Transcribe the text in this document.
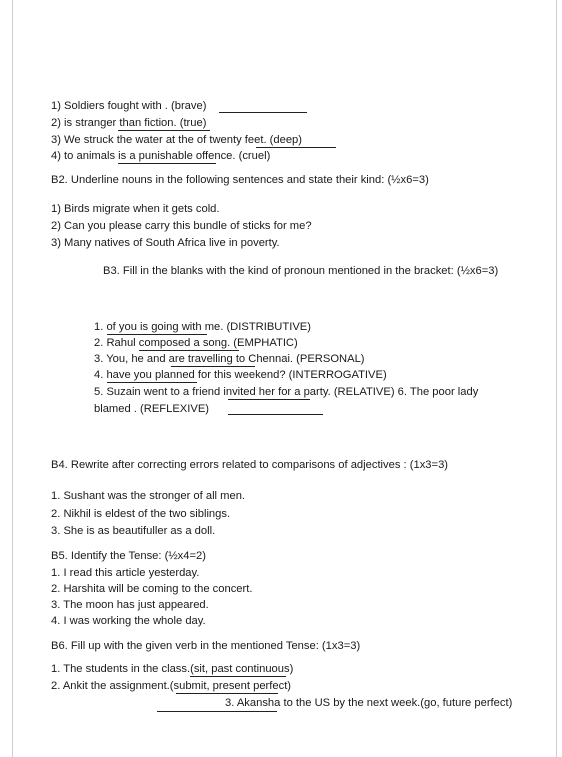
1) Soldiers fought with . (brave)
2) is stranger than fiction. (true)
3) We struck the water at the of twenty feet. (deep)
4) to animals is a punishable offence. (cruel)
B2. Underline nouns in the following sentences and state their kind: (½x6=3)
1) Birds migrate when it gets cold.
2) Can you please carry this bundle of sticks for me?
3) Many natives of South Africa live in poverty.
B3. Fill in the blanks with the kind of pronoun mentioned in the bracket: (½x6=3)
1. of you is going with me. (DISTRIBUTIVE)
2. Rahul composed a song. (EMPHATIC)
3. You, he and are travelling to Chennai. (PERSONAL)
4. have you planned for this weekend? (INTERROGATIVE)
5. Suzain went to a friend invited her for a party. (RELATIVE) 6. The poor lady
blamed . (REFLEXIVE)
B4. Rewrite after correcting errors related to comparisons of adjectives : (1x3=3)
1. Sushant was the stronger of all men.
2. Nikhil is eldest of the two siblings.
3. She is as beautifuller as a doll.
B5. Identify the Tense: (½x4=2)
1. I read this article yesterday.
2. Harshita will be coming to the concert.
3. The moon has just appeared.
4. I was working the whole day.
B6. Fill up with the given verb in the mentioned Tense: (1x3=3)
1. The students in the class.(sit, past continuous)
2. Ankit the assignment.(submit, present perfect)
3. Akansha to the US by the next week.(go, future perfect)
